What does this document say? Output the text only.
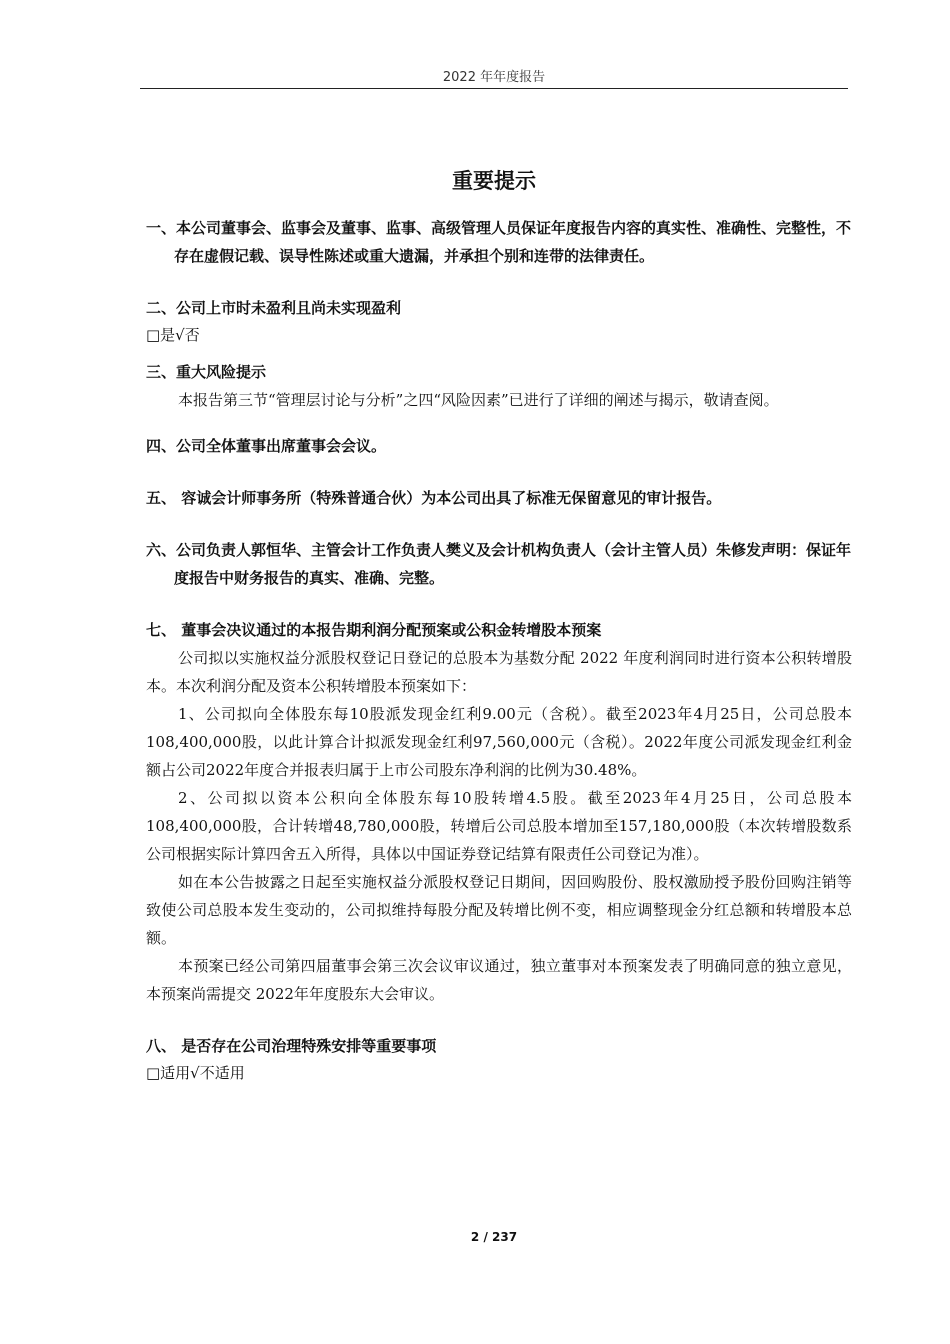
2022 年年度报告
重要提示
一、本公司董事会、监事会及董事、监事、高级管理人员保证年度报告内容的真实性、准确性、完整性，不存在虚假记载、误导性陈述或重大遗漏，并承担个别和连带的法律责任。
二、公司上市时未盈利且尚未实现盈利
□是√否
三、重大风险提示
本报告第三节“管理层讨论与分析”之四“风险因素”已进行了详细的阐述与揭示，敬请查阅。
四、公司全体董事出席董事会会议。
五、 容诚会计师事务所（特殊普通合伙）为本公司出具了标准无保留意见的审计报告。
六、公司负责人郭恒华、主管会计工作负责人樊义及会计机构负责人（会计主管人员）朱修发声明：保证年度报告中财务报告的真实、准确、完整。
七、 董事会决议通过的本报告期利润分配预案或公积金转增股本预案
公司拟以实施权益分派股权登记日登记的总股本为基数分配 2022 年度利润同时进行资本公积转增股本。本次利润分配及资本公积转增股本预案如下：
1、公司拟向全体股东每10股派发现金红利9.00元（含税）。截至2023年4月25日，公司总股本108,400,000股，以此计算合计拟派发现金红利97,560,000元（含税）。2022年度公司派发现金红利金额占公司2022年度合并报表归属于上市公司股东净利润的比例为30.48%。
2、公司拟以资本公积向全体股东每10股转增4.5股。截至2023年4月25日，公司总股本108,400,000股，合计转增48,780,000股，转增后公司总股本增加至157,180,000股（本次转增股数系公司根据实际计算四舍五入所得，具体以中国证券登记结算有限责任公司登记为准）。
如在本公告披露之日起至实施权益分派股权登记日期间，因回购股份、股权激励授予股份回购注销等致使公司总股本发生变动的，公司拟维持每股分配及转增比例不变，相应调整现金分红总额和转增股本总额。
本预案已经公司第四届董事会第三次会议审议通过，独立董事对本预案发表了明确同意的独立意见，本预案尚需提交 2022年年度股东大会审议。
八、 是否存在公司治理特殊安排等重要事项
□适用√不适用
2 / 237
